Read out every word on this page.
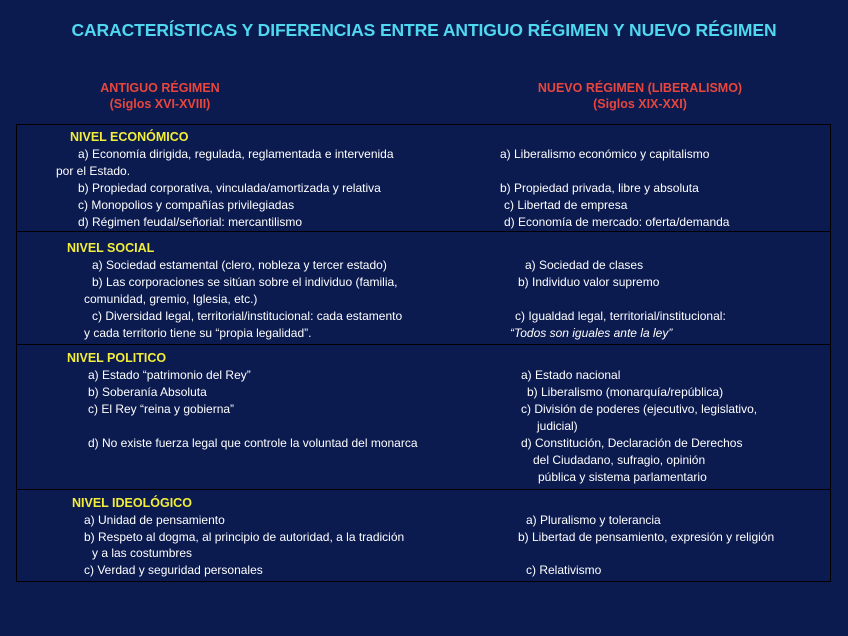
CARACTERÍSTICAS Y DIFERENCIAS ENTRE ANTIGUO RÉGIMEN Y NUEVO RÉGIMEN
ANTIGUO RÉGIMEN
(Siglos XVI-XVIII)
NUEVO RÉGIMEN (LIBERALISMO)
(Siglos XIX-XXI)
NIVEL ECONÓMICO
a) Economía dirigida, regulada, reglamentada e intervenida
por el Estado.
b) Propiedad corporativa, vinculada/amortizada y relativa
c) Monopolios y compañías privilegiadas
d) Régimen feudal/señorial: mercantilismo
a) Liberalismo económico y capitalismo
b) Propiedad privada, libre y absoluta
c) Libertad de empresa
d) Economía de mercado: oferta/demanda
NIVEL SOCIAL
a) Sociedad estamental (clero, nobleza y tercer estado)
b) Las corporaciones se sitúan sobre el individuo (familia,
comunidad, gremio, Iglesia, etc.)
c) Diversidad legal, territorial/institucional: cada estamento
y cada territorio tiene su “propia legalidad”.
a) Sociedad de clases
b) Individuo valor supremo
c) Igualdad legal, territorial/institucional:
“Todos son iguales ante la ley”
NIVEL POLITICO
a) Estado “patrimonio del Rey”
b) Soberanía Absoluta
c) El Rey “reina y gobierna”
d) No existe fuerza legal que controle la voluntad del monarca
a) Estado nacional
b) Liberalismo (monarquía/república)
c) División de poderes (ejecutivo, legislativo,
judicial)
d) Constitución, Declaración de Derechos
del Ciudadano, sufragio, opinión
pública y sistema parlamentario
NIVEL IDEOLÓGICO
a) Unidad de pensamiento
b) Respeto al dogma, al principio de autoridad, a la tradición
y a las costumbres
c) Verdad y seguridad personales
a) Pluralismo y tolerancia
b) Libertad de pensamiento, expresión y religión
c) Relativismo
